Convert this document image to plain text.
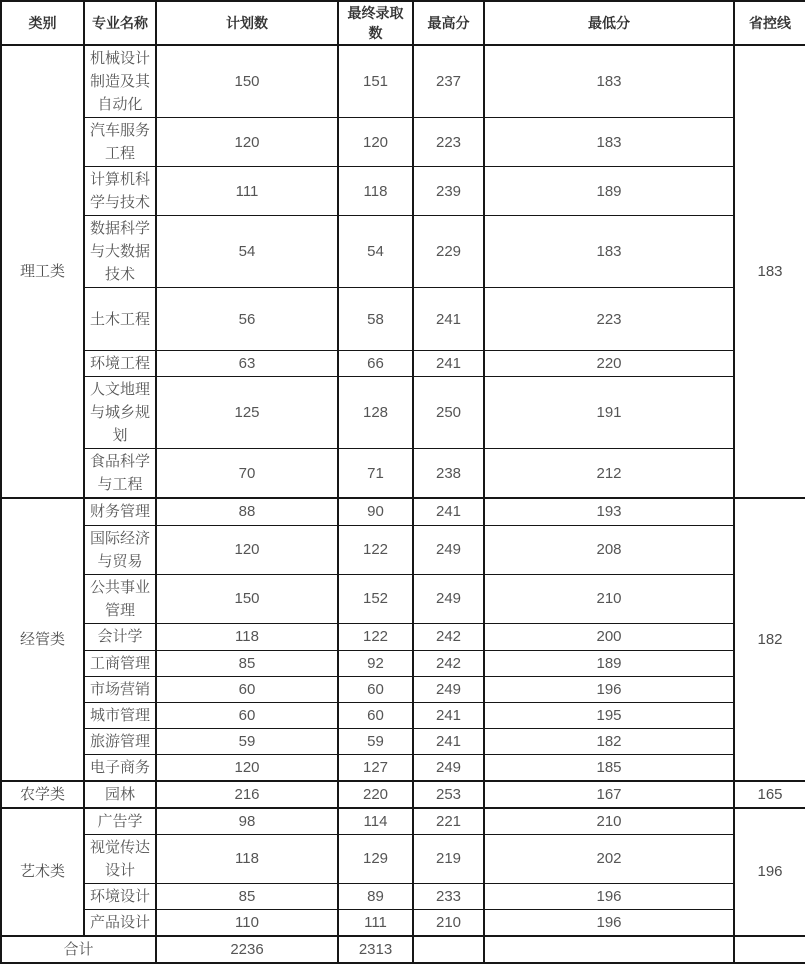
类别	专业名称	计划数	最终录取数	最高分	最低分	省控线
理工类	机械设计制造及其自动化	150	151	237	183	183
	汽车服务工程	120	120	223	183	
	计算机科学与技术	111	118	239	189	
	数据科学与大数据技术	54	54	229	183	
	土木工程	56	58	241	223	
	环境工程	63	66	241	220	
	人文地理与城乡规划	125	128	250	191	
	食品科学与工程	70	71	238	212	
经管类	财务管理	88	90	241	193	182
	国际经济与贸易	120	122	249	208	
	公共事业管理	150	152	249	210	
	会计学	118	122	242	200	
	工商管理	85	92	242	189	
	市场营销	60	60	249	196	
	城市管理	60	60	241	195	
	旅游管理	59	59	241	182	
	电子商务	120	127	249	185	
农学类	园林	216	220	253	167	165
艺术类	广告学	98	114	221	210	196
	视觉传达设计	118	129	219	202	
	环境设计	85	89	233	196	
	产品设计	110	111	210	196	
合计		2236	2313			
